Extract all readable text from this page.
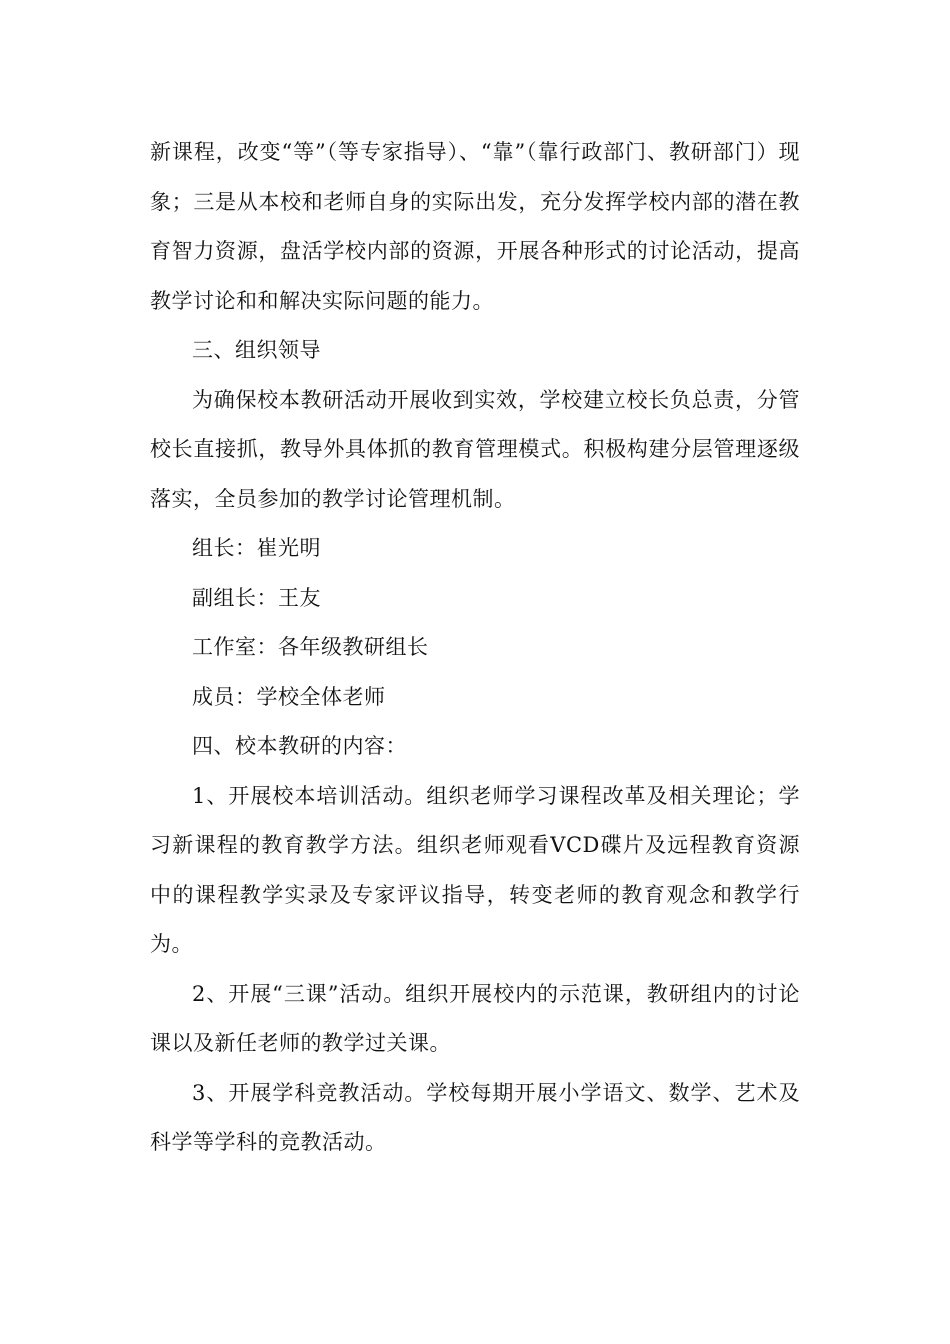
新课程，改变“等”（等专家指导）、“靠”（靠行政部门、教研部门）现象；三是从本校和老师自身的实际出发，充分发挥学校内部的潜在教育智力资源，盘活学校内部的资源，开展各种形式的讨论活动，提高教学讨论和和解决实际问题的能力。

三、组织领导

为确保校本教研活动开展收到实效，学校建立校长负总责，分管校长直接抓，教导外具体抓的教育管理模式。积极构建分层管理逐级落实，全员参加的教学讨论管理机制。

组长：崔光明

副组长：王友

工作室：各年级教研组长

成员：学校全体老师

四、校本教研的内容：

1、开展校本培训活动。组织老师学习课程改革及相关理论；学习新课程的教育教学方法。组织老师观看VCD碟片及远程教育资源中的课程教学实录及专家评议指导，转变老师的教育观念和教学行为。

2、开展“三课”活动。组织开展校内的示范课，教研组内的讨论课以及新任老师的教学过关课。

3、开展学科竞教活动。学校每期开展小学语文、数学、艺术及科学等学科的竞教活动。
